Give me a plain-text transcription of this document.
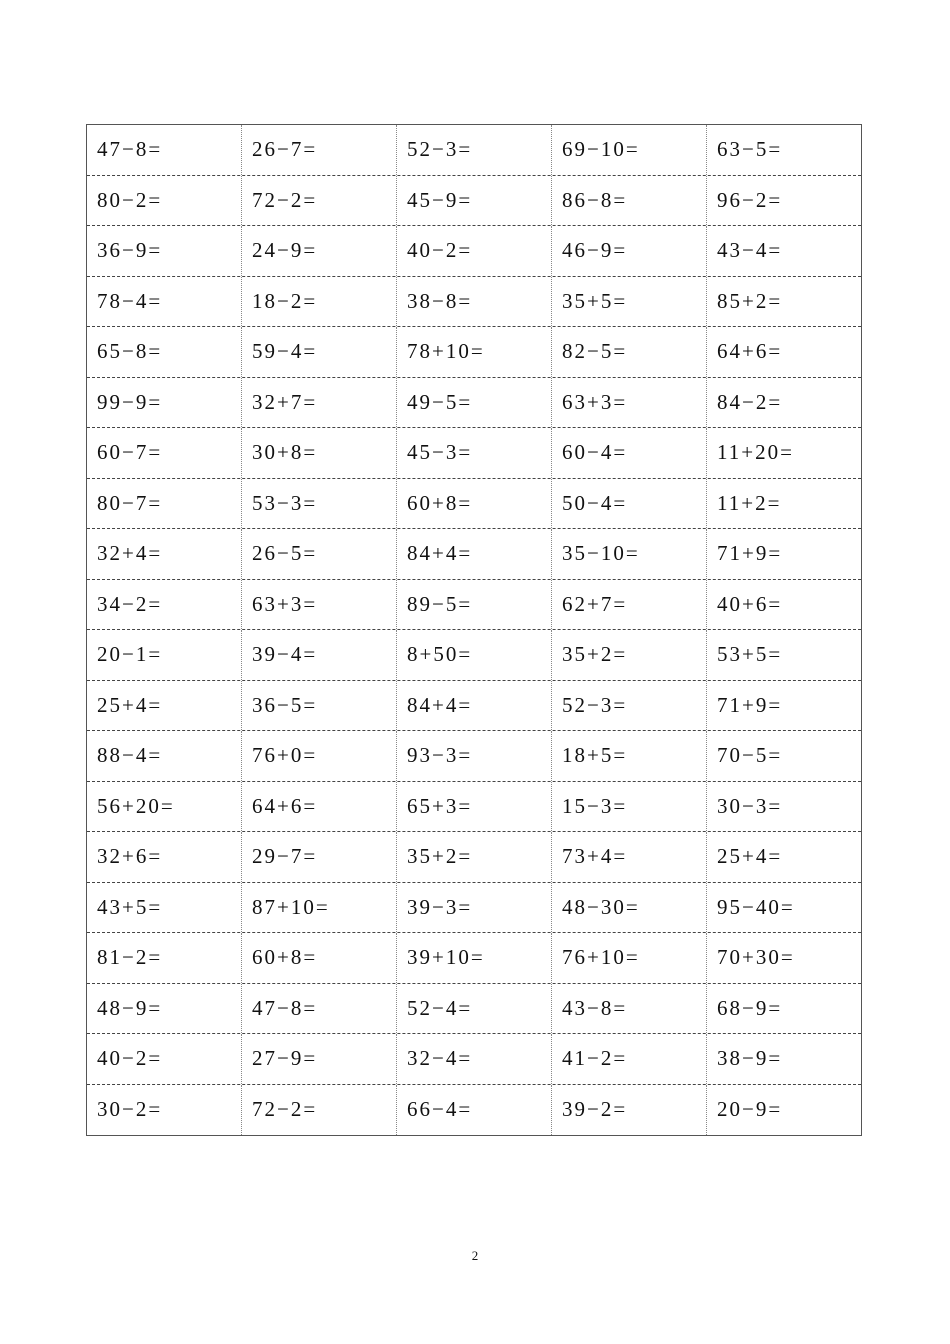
47−8=	26−7=	52−3=	69−10=	63−5=
80−2=	72−2=	45−9=	86−8=	96−2=
36−9=	24−9=	40−2=	46−9=	43−4=
78−4=	18−2=	38−8=	35+5=	85+2=
65−8=	59−4=	78+10=	82−5=	64+6=
99−9=	32+7=	49−5=	63+3=	84−2=
60−7=	30+8=	45−3=	60−4=	11+20=
80−7=	53−3=	60+8=	50−4=	11+2=
32+4=	26−5=	84+4=	35−10=	71+9=
34−2=	63+3=	89−5=	62+7=	40+6=
20−1=	39−4=	8+50=	35+2=	53+5=
25+4=	36−5=	84+4=	52−3=	71+9=
88−4=	76+0=	93−3=	18+5=	70−5=
56+20=	64+6=	65+3=	15−3=	30−3=
32+6=	29−7=	35+2=	73+4=	25+4=
43+5=	87+10=	39−3=	48−30=	95−40=
81−2=	60+8=	39+10=	76+10=	70+30=
48−9=	47−8=	52−4=	43−8=	68−9=
40−2=	27−9=	32−4=	41−2=	38−9=
30−2=	72−2=	66−4=	39−2=	20−9=
2
